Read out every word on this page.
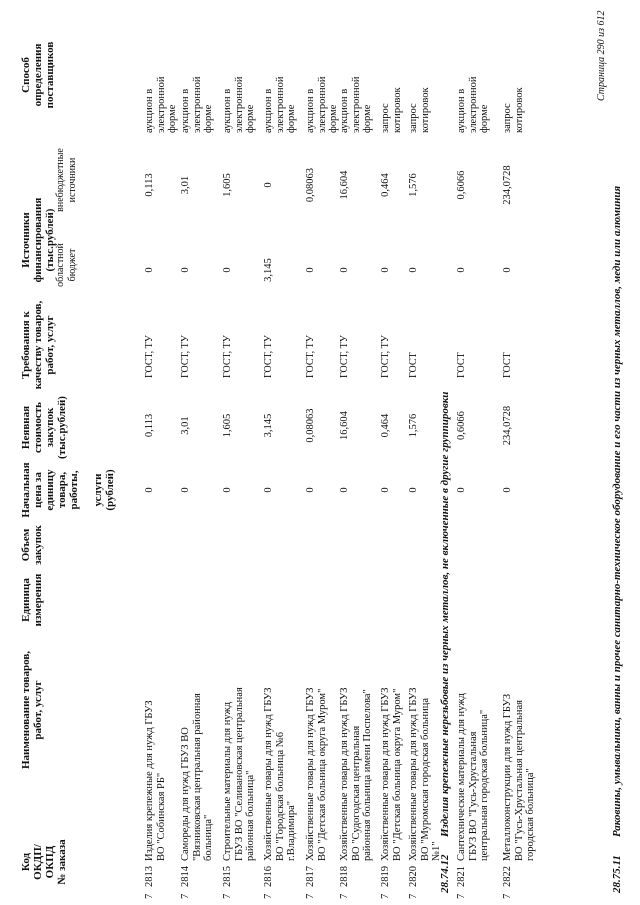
Код ОКДП/ ОКПД № заказа
Наименование товаров, работ, услуг
Единица измерения
Объем закупок
Начальная цена за единицу товара, работы, услуги (рублей)
Неявная стоимость закупок (тыс.рублей)
Требования к качеству товаров, работ, услуг
Источники финансирования (тыс.рублей) областной бюджет
внебюджетные источники
Способ определения поставщиков
7
2813
Изделия крепежные для нужд ГБУЗ ВО "Собинская РБ"
0
0,113
ГОСТ, ТУ
0
0,113
аукцион в электронной форме
7
2814
Самореды для нужд ГБУЗ ВО "Вязниковская центральная районная больница"
0
3,01
ГОСТ, ТУ
0
3,01
аукцион в электронной форме
7
2815
Строительные материалы для нужд ГБУЗ ВО "Селивановская центральная районная больница"
0
1,605
ГОСТ, ТУ
0
1,605
аукцион в электронной форме
7
2816
Хозяйственные товары для нужд ГБУЗ ВО "Городская больница №6 г.Владимира"
0
3,145
ГОСТ, ТУ
3,145
0
аукцион в электронной форме
7
2817
Хозяйственные товары для нужд ГБУЗ ВО "Детская больница округа Муром"
0
0,08063
ГОСТ, ТУ
0
0,08063
аукцион в электронной форме
7
2818
Хозяйственные товары для нужд ГБУЗ ВО "Судогодская центральная районная больница имени Поспелова"
0
16,604
ГОСТ, ТУ
0
16,604
аукцион в электронной форме
7
2819
Хозяйственные товары для нужд ГБУЗ ВО "Детская больница округа Муром"
0
0,464
ГОСТ, ТУ
0
0,464
запрос котировок
7
2820
Хозяйственные товары для нужд ГБУЗ ВО "Муромская городская больница №1"
0
1,576
ГОСТ
0
1,576
запрос котировок
7
2821
Сантехнические материалы для нужд ГБУЗ ВО "Гусь-Хрустальная центральная городская больница"
0
0,6066
ГОСТ
0
0,6066
аукцион в электронной форме
7
2822
Металлоконструкции для нужд ГБУЗ ВО "Гусь-Хрустальная центральная городская больница"
0
234,0728
ГОСТ
0
234,0728
запрос котировок
28.74.12
Изделия крепежные нерезьбовые из черных металлов, не включенные в другие группировки
28.75.11
Раковины, умывальники, ванны и прочее санитарно-техническое оборудование и его части из черных металлов, меди или алюминия
Страница 290 из 612
